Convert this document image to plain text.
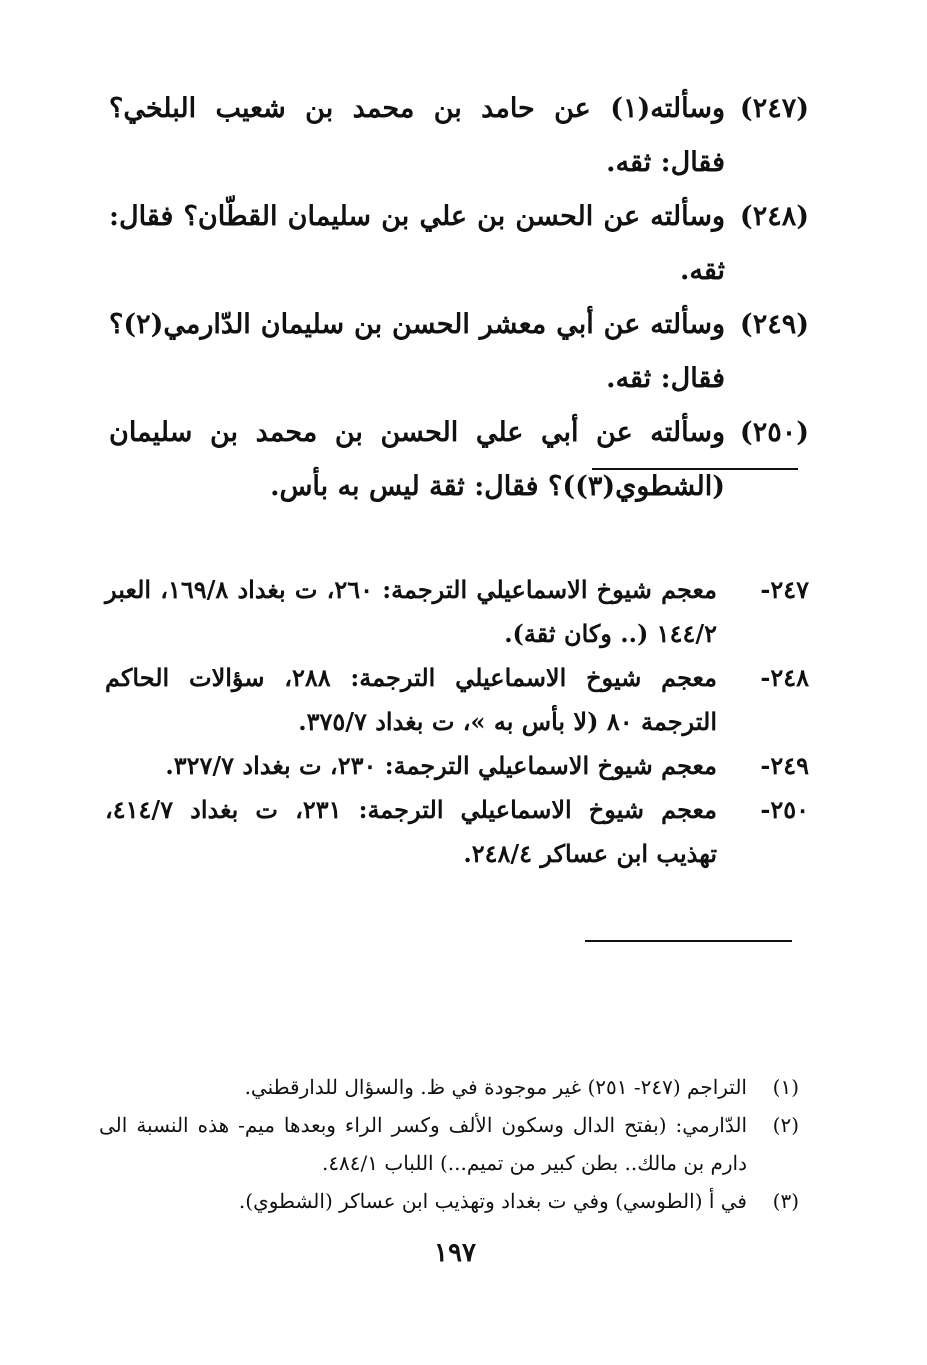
(٢٤٧)
وسألته(١) عن حامد بن محمد بن شعيب البلخي؟ فقال: ثقه.
(٢٤٨)
وسألته عن الحسن بن علي بن سليمان القطّان؟ فقال: ثقه.
(٢٤٩)
وسألته عن أبي معشر الحسن بن سليمان الدّارمي(٢)؟ فقال: ثقه.
(٢٥٠)
وسألته عن أبي علي الحسن بن محمد بن سليمان (الشطوي(٣))؟ فقال: ثقة ليس به بأس.
٢٤٧-
معجم شيوخ الاسماعيلي الترجمة: ٢٦٠، ت بغداد ١٦٩/٨، العبر ١٤٤/٢ (.. وكان ثقة).
٢٤٨-
معجم شيوخ الاسماعيلي الترجمة: ٢٨٨، سؤالات الحاكم الترجمة ٨٠ (لا بأس به »، ت بغداد ٣٧٥/٧.
٢٤٩-
معجم شيوخ الاسماعيلي الترجمة: ٢٣٠، ت بغداد ٣٢٧/٧.
٢٥٠-
معجم شيوخ الاسماعيلي الترجمة: ٢٣١، ت بغداد ٤١٤/٧، تهذيب ابن عساكر ٢٤٨/٤.
(١)
التراجم (٢٤٧- ٢٥١) غير موجودة في ظ. والسؤال للدارقطني.
(٢)
الدّارمي: (بفتح الدال وسكون الألف وكسر الراء وبعدها ميم- هذه النسبة الى دارم بن مالك.. بطن كبير من تميم...) اللباب ٤٨٤/١.
(٣)
في أ (الطوسي) وفي ت بغداد وتهذيب ابن عساكر (الشطوي).
١٩٧
